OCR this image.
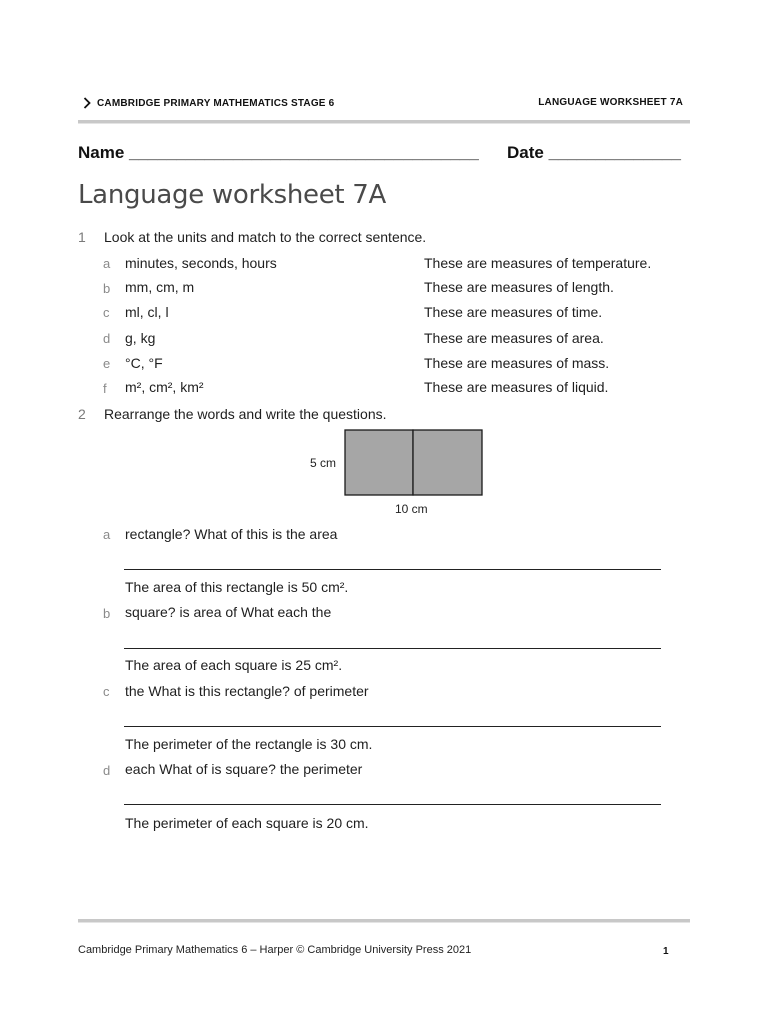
CAMBRIDGE PRIMARY MATHEMATICS STAGE 6	LANGUAGE WORKSHEET 7A
Name _____________________________________ Date ______________
Language worksheet 7A
1 Look at the units and match to the correct sentence.
a minutes, seconds, hours	These are measures of temperature.
b mm, cm, m	These are measures of length.
c ml, cl, l	These are measures of time.
d g, kg	These are measures of area.
e °C, °F	These are measures of mass.
f m², cm², km²	These are measures of liquid.
2 Rearrange the words and write the questions.
5 cm
10 cm
a rectangle? What of this is the area
The area of this rectangle is 50 cm².
b square? is area of What each the
The area of each square is 25 cm².
c the What is this rectangle? of perimeter
The perimeter of the rectangle is 30 cm.
d each What of is square? the perimeter
The perimeter of each square is 20 cm.
Cambridge Primary Mathematics 6 – Harper © Cambridge University Press 2021	1
